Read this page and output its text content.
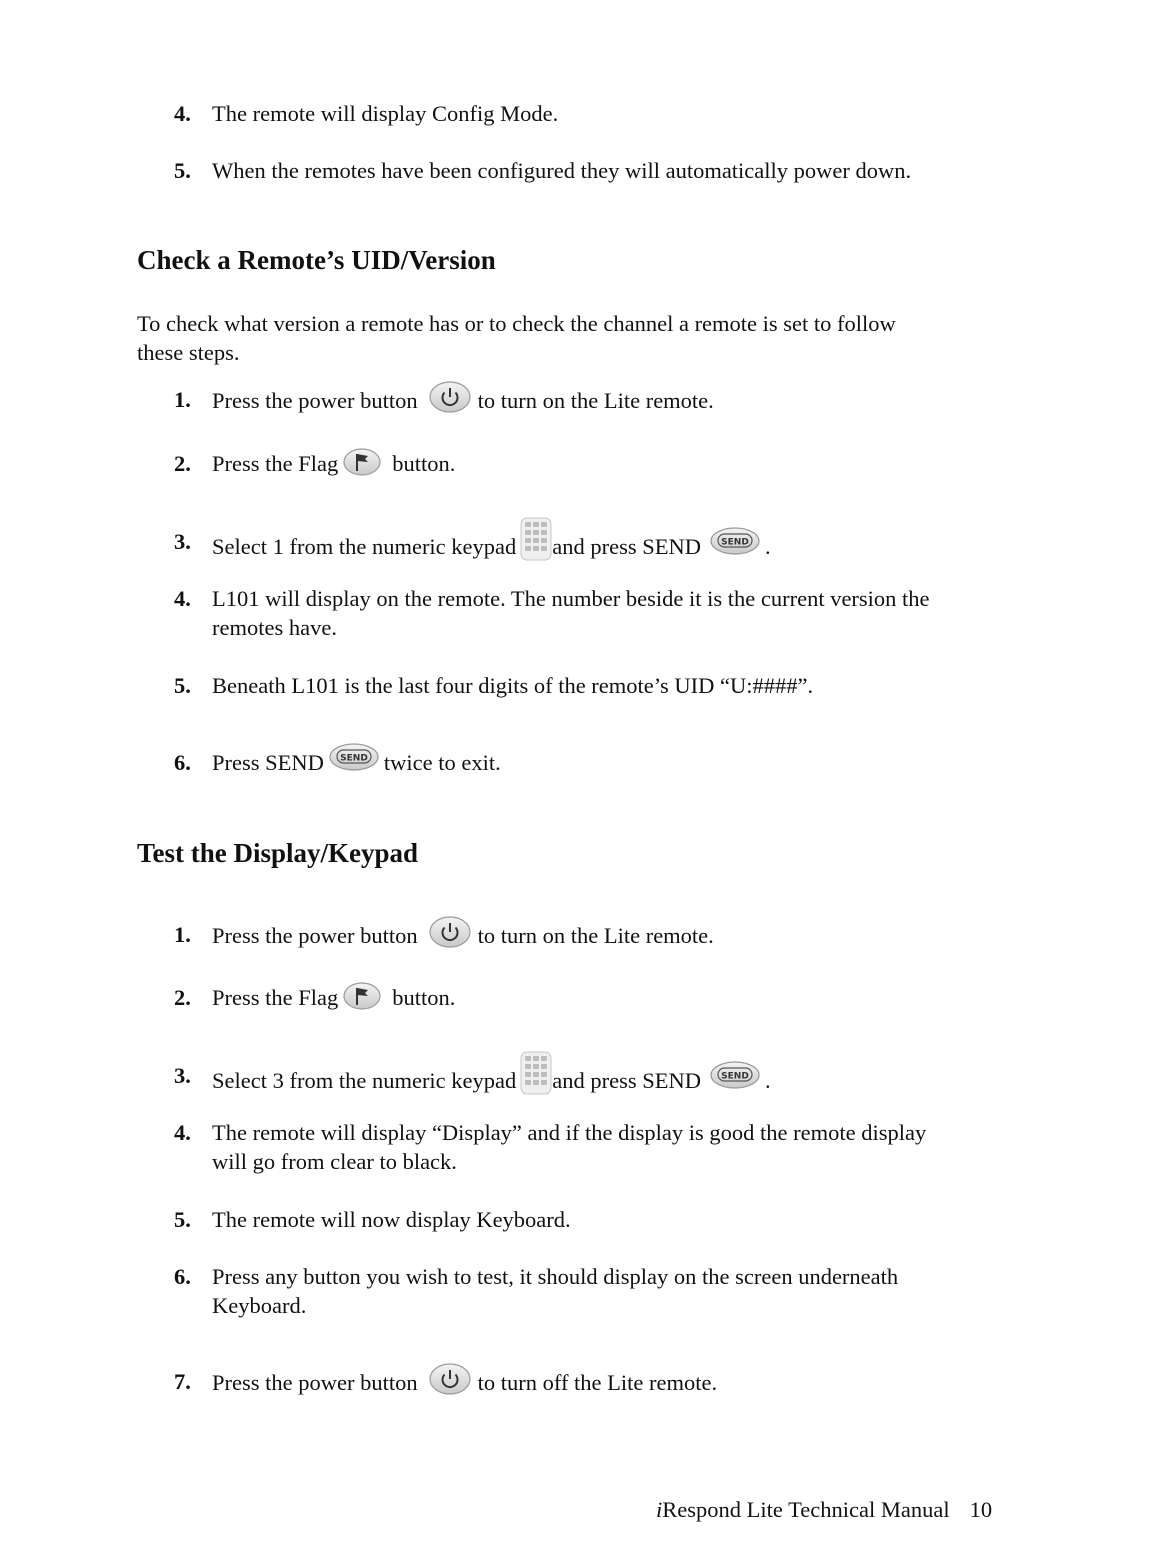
4. The remote will display Config Mode.
5. When the remotes have been configured they will automatically power down.
Check a Remote’s UID/Version
To check what version a remote has or to check the channel a remote is set to follow
these steps.
1. Press the power button	to turn on the Lite remote.
2. Press the Flag button.
3. Select 1 from the numeric keypad and press SEND	.
4. L101 will display on the remote. The number beside it is the current version the
remotes have.
5. Beneath L101 is the last four digits of the remote’s UID “U:####”.
6. Press SEND	twice to exit.
Test the Display/Keypad
1. Press the power button	to turn on the Lite remote.
2. Press the Flag button.
3. Select 3 from the numeric keypad and press SEND	.
4. The remote will display “Display” and if the display is good the remote display
will go from clear to black.
5. The remote will now display Keyboard.
6. Press any button you wish to test, it should display on the screen underneath
Keyboard.
7. Press the power button	to turn off the Lite remote.
iRespond Lite Technical Manual 10
